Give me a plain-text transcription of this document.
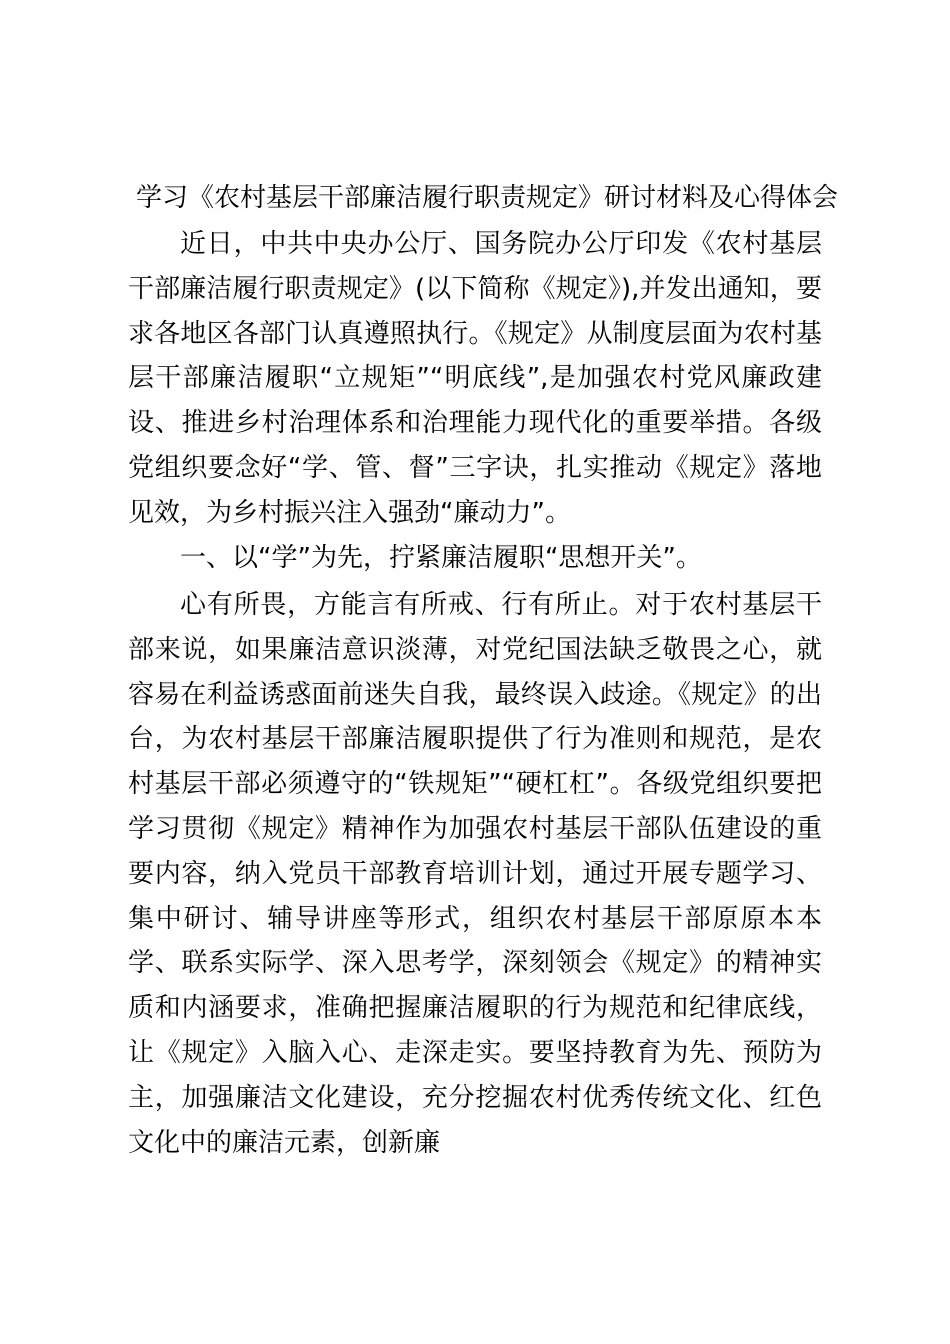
学习《农村基层干部廉洁履行职责规定》研讨材料及心得体会

近日，中共中央办公厅、国务院办公厅印发《农村基层干部廉洁履行职责规定》(以下简称《规定》),并发出通知，要求各地区各部门认真遵照执行。《规定》从制度层面为农村基层干部廉洁履职“立规矩”“明底线”,是加强农村党风廉政建设、推进乡村治理体系和治理能力现代化的重要举措。各级党组织要念好“学、管、督”三字诀，扎实推动《规定》落地见效，为乡村振兴注入强劲“廉动力”。

一、以“学”为先，拧紧廉洁履职“思想开关”。

心有所畏，方能言有所戒、行有所止。对于农村基层干部来说，如果廉洁意识淡薄，对党纪国法缺乏敬畏之心，就容易在利益诱惑面前迷失自我，最终误入歧途。《规定》的出台，为农村基层干部廉洁履职提供了行为准则和规范，是农村基层干部必须遵守的“铁规矩”“硬杠杠”。各级党组织要把学习贯彻《规定》精神作为加强农村基层干部队伍建设的重要内容，纳入党员干部教育培训计划，通过开展专题学习、集中研讨、辅导讲座等形式，组织农村基层干部原原本本学、联系实际学、深入思考学，深刻领会《规定》的精神实质和内涵要求，准确把握廉洁履职的行为规范和纪律底线，让《规定》入脑入心、走深走实。要坚持教育为先、预防为主，加强廉洁文化建设，充分挖掘农村优秀传统文化、红色文化中的廉洁元素，创新廉
